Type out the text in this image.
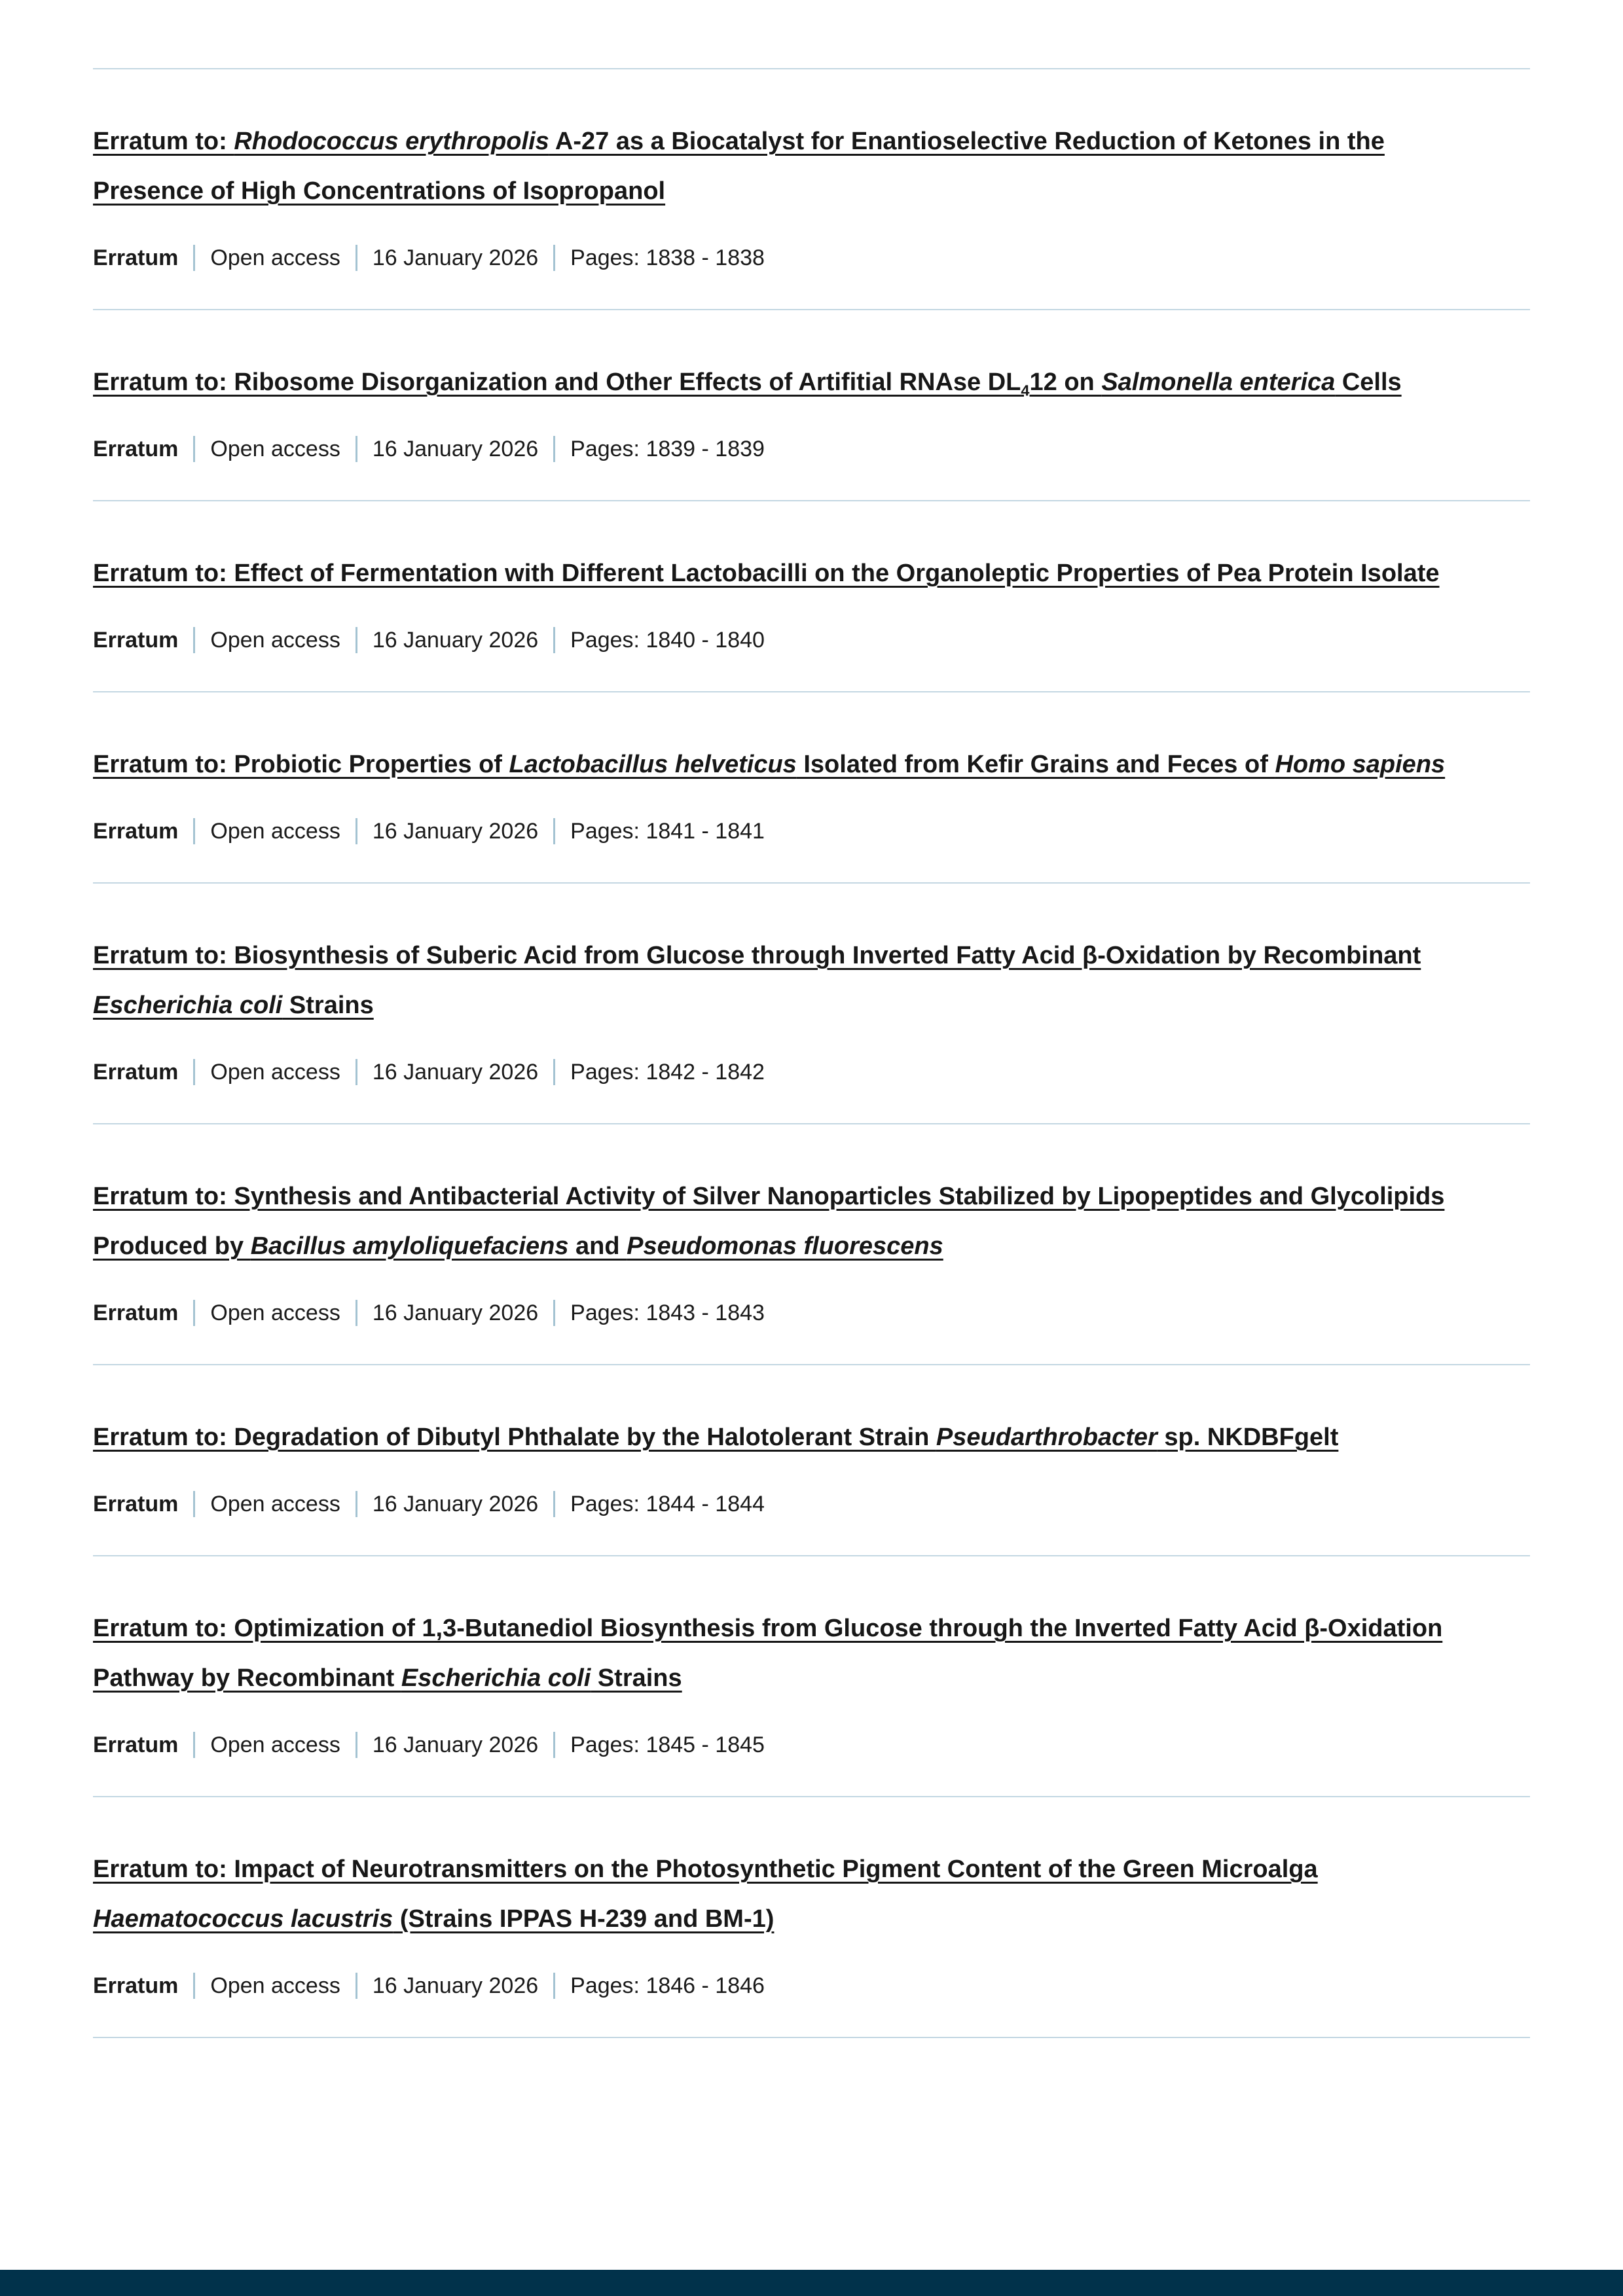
Erratum to: Rhodococcus erythropolis A-27 as a Biocatalyst for Enantioselective Reduction of Ketones in the Presence of High Concentrations of Isopropanol
Erratum Open access 16 January 2026 Pages: 1838 - 1838
Erratum to: Ribosome Disorganization and Other Effects of Artifitial RNAse $DL_412$ on Salmonella enterica Cells
Erratum Open access 16 January 2026 Pages: 1839 - 1839
Erratum to: Effect of Fermentation with Different Lactobacilli on the Organoleptic Properties of Pea Protein Isolate
Erratum Open access 16 January 2026 Pages: 1840 - 1840
Erratum to: Probiotic Properties of Lactobacillus helveticus Isolated from Kefir Grains and Feces of Homo sapiens
Erratum Open access 16 January 2026 Pages: 1841 - 1841
Erratum to: Biosynthesis of Suberic Acid from Glucose through Inverted Fatty Acid β-Oxidation by Recombinant Escherichia coli Strains
Erratum Open access 16 January 2026 Pages: 1842 - 1842
Erratum to: Synthesis and Antibacterial Activity of Silver Nanoparticles Stabilized by Lipopeptides and Glycolipids Produced by Bacillus amyloliquefaciens and Pseudomonas fluorescens
Erratum Open access 16 January 2026 Pages: 1843 - 1843
Erratum to: Degradation of Dibutyl Phthalate by the Halotolerant Strain Pseudarthrobacter sp. NKDBFgelt
Erratum Open access 16 January 2026 Pages: 1844 - 1844
Erratum to: Optimization of 1,3-Butanediol Biosynthesis from Glucose through the Inverted Fatty Acid β-Oxidation Pathway by Recombinant Escherichia coli Strains
Erratum Open access 16 January 2026 Pages: 1845 - 1845
Erratum to: Impact of Neurotransmitters on the Photosynthetic Pigment Content of the Green Microalga Haematococcus lacustris (Strains IPPAS H-239 and BM-1)
Erratum Open access 16 January 2026 Pages: 1846 - 1846
